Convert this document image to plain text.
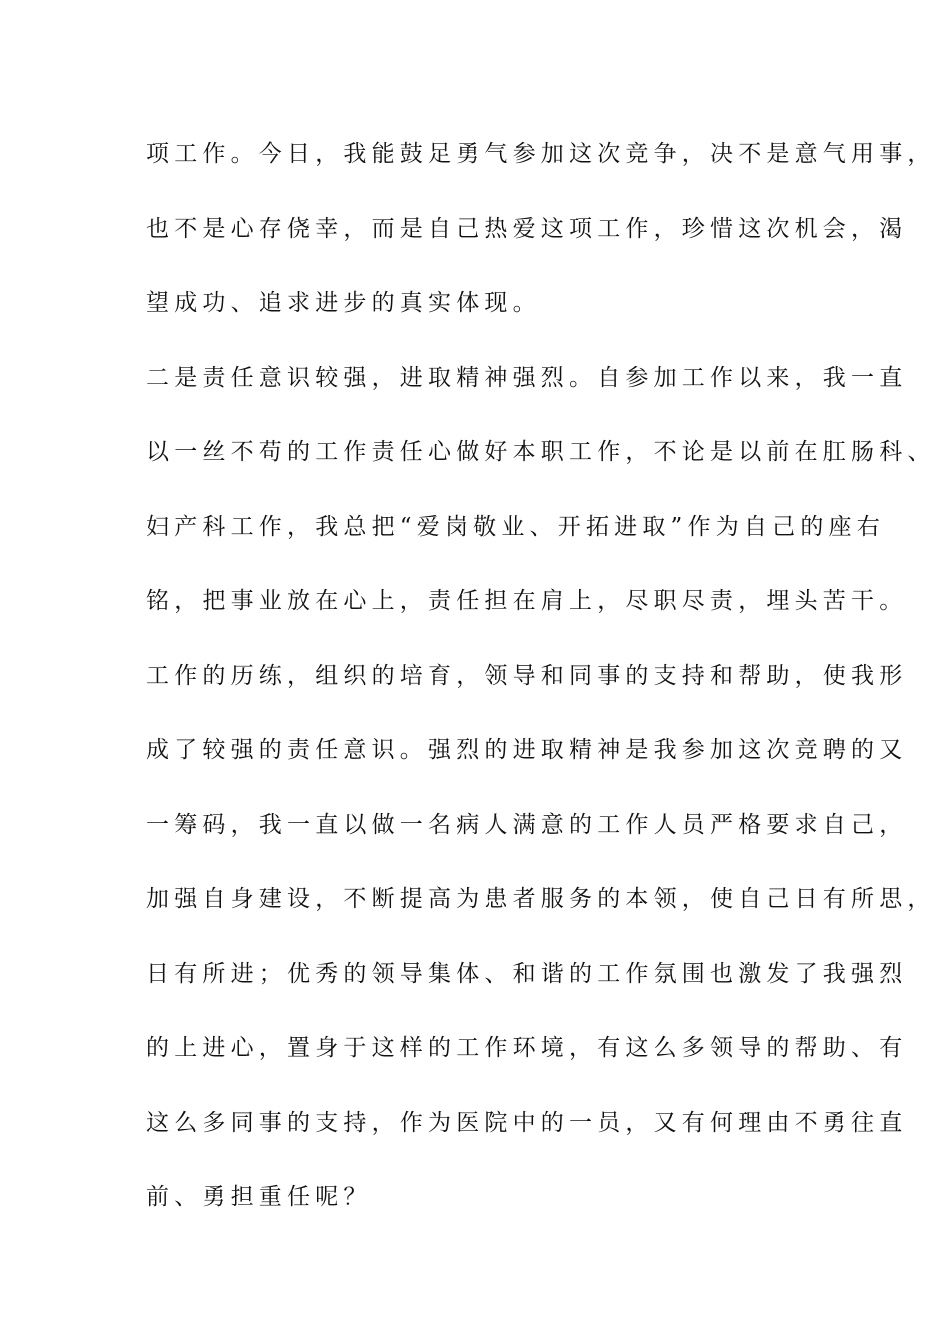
项工作。今日，我能鼓足勇气参加这次竞争，决不是意气用事，
也不是心存侥幸，而是自己热爱这项工作，珍惜这次机会，渴
望成功、追求进步的真实体现。
二是责任意识较强，进取精神强烈。自参加工作以来，我一直
以一丝不苟的工作责任心做好本职工作，不论是以前在肛肠科、
妇产科工作，我总把“爱岗敬业、开拓进取”作为自己的座右
铭，把事业放在心上，责任担在肩上，尽职尽责，埋头苦干。
工作的历练，组织的培育，领导和同事的支持和帮助，使我形
成了较强的责任意识。强烈的进取精神是我参加这次竞聘的又
一筹码，我一直以做一名病人满意的工作人员严格要求自己，
加强自身建设，不断提高为患者服务的本领，使自己日有所思，
日有所进；优秀的领导集体、和谐的工作氛围也激发了我强烈
的上进心，置身于这样的工作环境，有这么多领导的帮助、有
这么多同事的支持，作为医院中的一员，又有何理由不勇往直
前、勇担重任呢？
